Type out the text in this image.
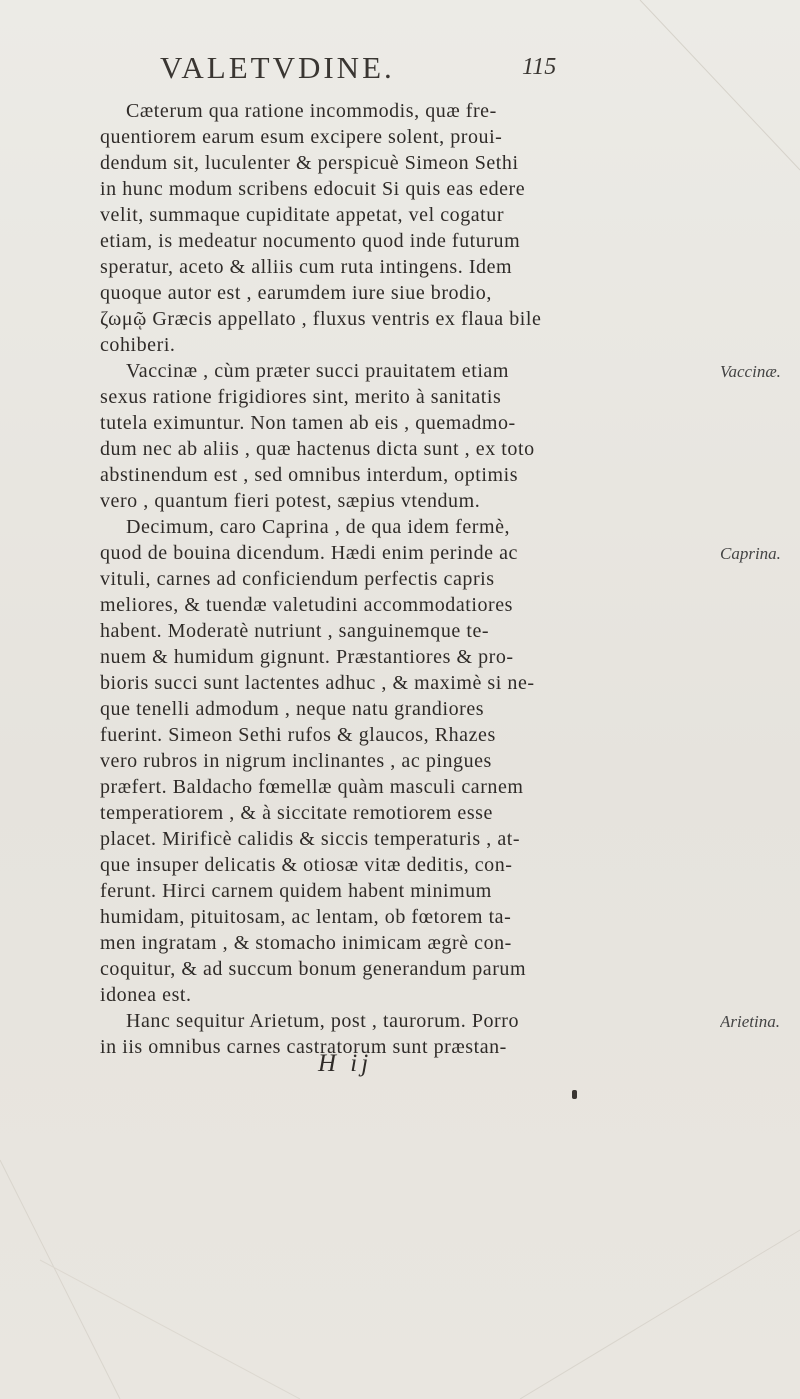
VALETVDINE.	115
Cæterum qua ratione incommodis, quæ fre-
quentiorem earum esum excipere solent, proui-
dendum sit, luculenter & perspicuè Simeon Sethi
in hunc modum scribens edocuit Si quis eas edere
velit, summaque cupiditate appetat, vel cogatur
etiam, is medeatur nocumento quod inde futurum
speratur, aceto & alliis cum ruta intingens. Idem
quoque autor est , earumdem iure siue brodio,
ζωμῷ Græcis appellato , fluxus ventris ex flaua bile
cohiberi.
Vaccinæ , cùm præter succi prauitatem etiam
sexus ratione frigidiores sint, merito à sanitatis
tutela eximuntur. Non tamen ab eis , quemadmo-
dum nec ab aliis , quæ hactenus dicta sunt , ex toto
abstinendum est , sed omnibus interdum, optimis
vero , quantum fieri potest, sæpius vtendum.
Decimum, caro Caprina , de qua idem fermè,
quod de bouina dicendum. Hædi enim perinde ac
vituli, carnes ad conficiendum perfectis capris
meliores, & tuendæ valetudini accommodatiores
habent. Moderatè nutriunt , sanguinemque te-
nuem & humidum gignunt. Præstantiores & pro-
bioris succi sunt lactentes adhuc , & maximè si ne-
que tenelli admodum , neque natu grandiores
fuerint. Simeon Sethi rufos & glaucos, Rhazes
vero rubros in nigrum inclinantes , ac pingues
præfert. Baldacho fœmellæ quàm masculi carnem
temperatiorem , & à siccitate remotiorem esse
placet. Mirificè calidis & siccis temperaturis , at-
que insuper delicatis & otiosæ vitæ deditis, con-
ferunt. Hirci carnem quidem habent minimum
humidam, pituitosam, ac lentam, ob fœtorem ta-
men ingratam , & stomacho inimicam ægrè con-
coquitur, & ad succum bonum generandum parum
idonea est.
Hanc sequitur Arietum, post , taurorum. Porro
in iis omnibus carnes castratorum sunt præstan-
Vaccinæ.
Caprina.
Arietina.
H ij
